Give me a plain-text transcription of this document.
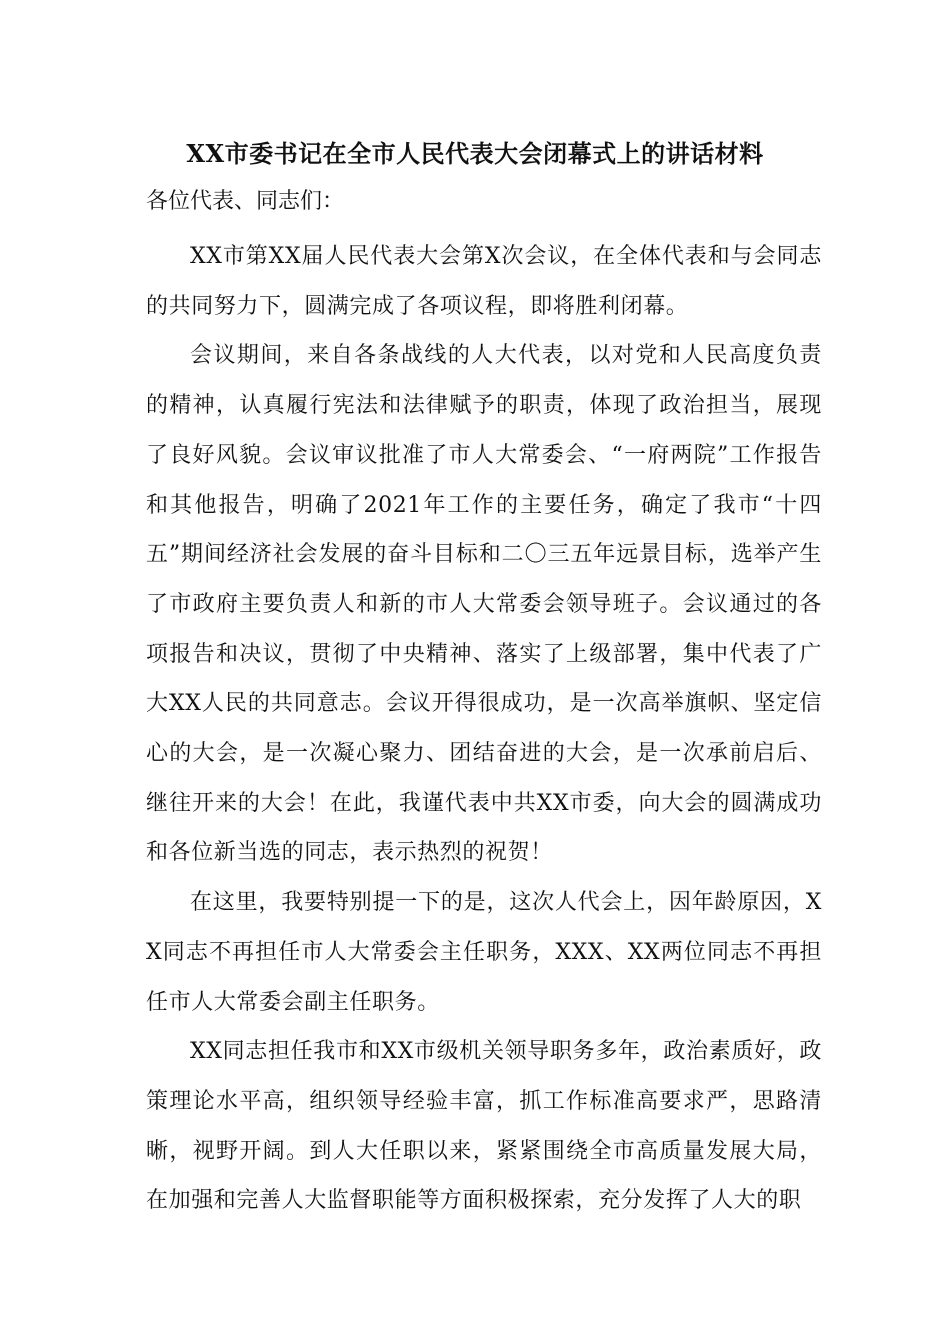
XX市委书记在全市人民代表大会闭幕式上的讲话材料

各位代表、同志们：

XX市第XX届人民代表大会第X次会议，在全体代表和与会同志的共同努力下，圆满完成了各项议程，即将胜利闭幕。

会议期间，来自各条战线的人大代表，以对党和人民高度负责的精神，认真履行宪法和法律赋予的职责，体现了政治担当，展现了良好风貌。会议审议批准了市人大常委会、“一府两院”工作报告和其他报告，明确了2021年工作的主要任务，确定了我市“十四五”期间经济社会发展的奋斗目标和二〇三五年远景目标，选举产生了市政府主要负责人和新的市人大常委会领导班子。会议通过的各项报告和决议，贯彻了中央精神、落实了上级部署，集中代表了广大XX人民的共同意志。会议开得很成功，是一次高举旗帜、坚定信心的大会，是一次凝心聚力、团结奋进的大会，是一次承前启后、继往开来的大会！在此，我谨代表中共XX市委，向大会的圆满成功和各位新当选的同志，表示热烈的祝贺！

在这里，我要特别提一下的是，这次人代会上，因年龄原因，XX同志不再担任市人大常委会主任职务，XXX、XX两位同志不再担任市人大常委会副主任职务。

XX同志担任我市和XX市级机关领导职务多年，政治素质好，政策理论水平高，组织领导经验丰富，抓工作标准高要求严，思路清晰，视野开阔。到人大任职以来，紧紧围绕全市高质量发展大局，在加强和完善人大监督职能等方面积极探索，充分发挥了人大的职
